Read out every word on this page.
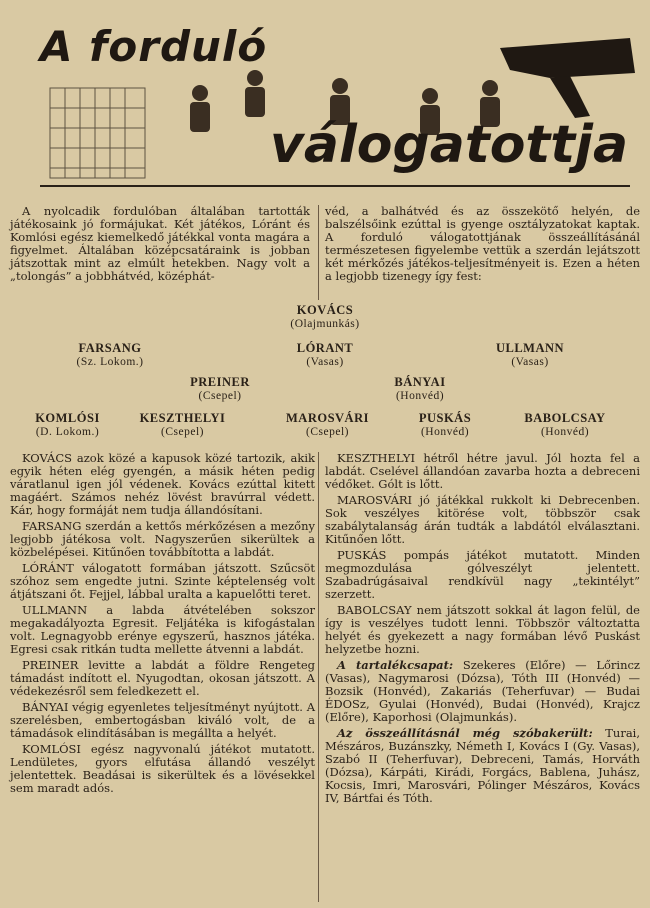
A forduló
válogatottja

A nyolcadik fordulóban általában tartották játékosaink jó formájukat. Két játékos, Lóránt és Komlósi egész kiemelkedő játékkal vonta magára a figyelmet. Általában középcsatáraink is jobban játszottak mint az elmúlt hetekben. Nagy volt a „tolongás” a jobbhátvéd, középhát-

véd, a balhátvéd és az összekötő helyén, de balszélsőink ezúttal is gyenge osztályzatokat kaptak. A forduló válogatottjának összeállításánál természetesen figyelembe vettük a szerdán lejátszott két mérkőzés játékos-teljesítményeit is. Ezen a héten a legjobb tizenegy így fest:

KOVÁCS
(Olajmunkás)
FARSANG
(Sz. Lokom.)
LÓRANT
(Vasas)
ULLMANN
(Vasas)
PREINER
(Csepel)
BÁNYAI
(Honvéd)
KOMLÓSI
(D. Lokom.)
KESZTHELYI
(Csepel)
MAROSVÁRI
(Csepel)
PUSKÁS
(Honvéd)
BABOLCSAY
(Honvéd)

KOVÁCS azok közé a kapusok közé tartozik, akik egyik héten elég gyengén, a másik héten pedig váratlanul igen jól védenek. Kovács ezúttal kitett magáért. Számos nehéz lövést bravúrral védett. Kár, hogy formáját nem tudja állandósítani.

FARSANG szerdán a kettős mérkőzésen a mezőny legjobb játékosa volt. Nagyszerűen sikerültek a közbelépései. Kitűnően továbbította a labdát.

LÓRÁNT válogatott formában játszott. Szűcsöt szóhoz sem engedte jutni. Szinte képtelenség volt átjátszani őt. Fejjel, lábbal uralta a kapuelőtti teret.

ULLMANN a labda átvételében sokszor megakadályozta Egresit. Feljátéka is kifogástalan volt. Legnagyobb erénye egyszerű, hasznos játéka. Egresi csak ritkán tudta mellette átvenni a labdát.

PREINER levitte a labdát a földre Rengeteg támadást indított el. Nyugodtan, okosan játszott. A védekezésről sem feledkezett el.

BÁNYAI végig egyenletes teljesítményt nyújtott. A szerelésben, embertogásban kiváló volt, de a támadások elindításában is megállta a helyét.

KOMLÓSI egész nagyvonalú játékot mutatott. Lendületes, gyors elfutása állandó veszélyt jelentettek. Beadásai is sikerültek és a lövésekkel sem maradt adós.

KESZTHELYI hétről hétre javul. Jól hozta fel a labdát. Cselével állandóan zavarba hozta a debreceni védőket. Gólt is lőtt.

MAROSVÁRI jó játékkal rukkolt ki Debrecenben. Sok veszélyes kitörése volt, többször csak szabálytalanság árán tudták a labdától elválasztani. Kitűnően lőtt.

PUSKÁS pompás játékot mutatott. Minden megmozdulása gólveszélyt jelentett. Szabadrúgásaival rendkívül nagy „tekintélyt” szerzett.

BABOLCSAY nem játszott sokkal át lagon felül, de így is veszélyes tudott lenni. Többször változtatta helyét és gyekezett a nagy formában lévő Puskást helyzetbe hozni.

A tartalékcsapat: Szekeres (Előre) — Lőrincz (Vasas), Nagymarosi (Dózsa), Tóth III (Honvéd) — Bozsik (Honvéd), Zakariás (Teherfuvar) — Budai ÉDOSz, Gyulai (Honvéd), Budai (Honvéd), Krajcz (Előre), Kaporhosi (Olajmunkás).

Az összeállításnál még szóbakerült: Turai, Mészáros, Buzánszky, Németh I, Kovács I (Gy. Vasas), Szabó II (Teherfuvar), Debreceni, Tamás, Horváth (Dózsa), Kárpáti, Kirádi, Forgács, Bablena, Juhász, Kocsis, Imri, Marosvári, Pólinger Mészáros, Kovács IV, Bártfai és Tóth.
